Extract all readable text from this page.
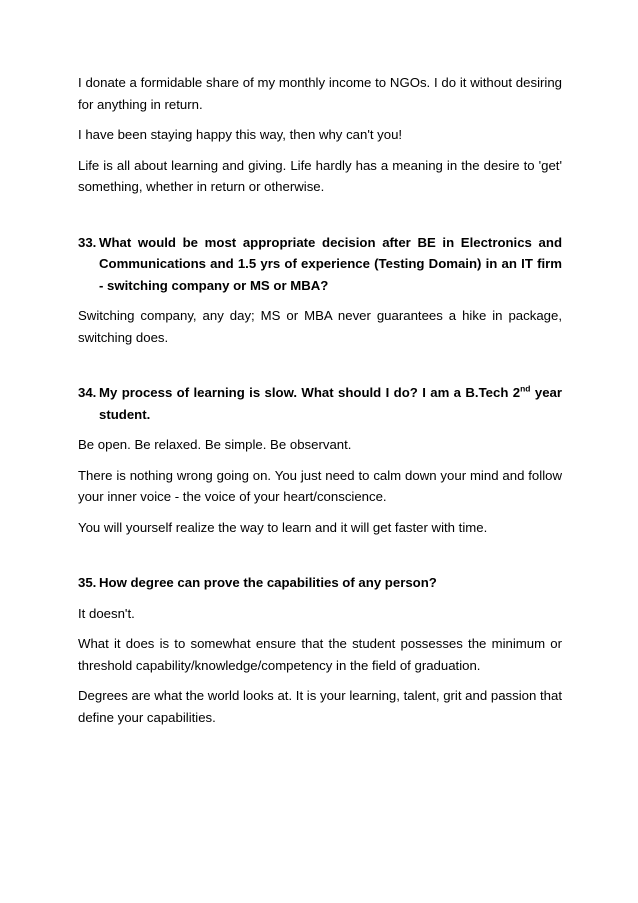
I donate a formidable share of my monthly income to NGOs. I do it without desiring for anything in return.

I have been staying happy this way, then why can't you!

Life is all about learning and giving. Life hardly has a meaning in the desire to 'get' something, whether in return or otherwise.

33. What would be most appropriate decision after BE in Electronics and Communications and 1.5 yrs of experience (Testing Domain) in an IT firm - switching company or MS or MBA?

Switching company, any day; MS or MBA never guarantees a hike in package, switching does.

34. My process of learning is slow. What should I do? I am a B.Tech 2nd year student.

Be open. Be relaxed. Be simple. Be observant.

There is nothing wrong going on. You just need to calm down your mind and follow your inner voice - the voice of your heart/conscience.

You will yourself realize the way to learn and it will get faster with time.

35. How degree can prove the capabilities of any person?

It doesn't.

What it does is to somewhat ensure that the student possesses the minimum or threshold capability/knowledge/competency in the field of graduation.

Degrees are what the world looks at. It is your learning, talent, grit and passion that define your capabilities.
